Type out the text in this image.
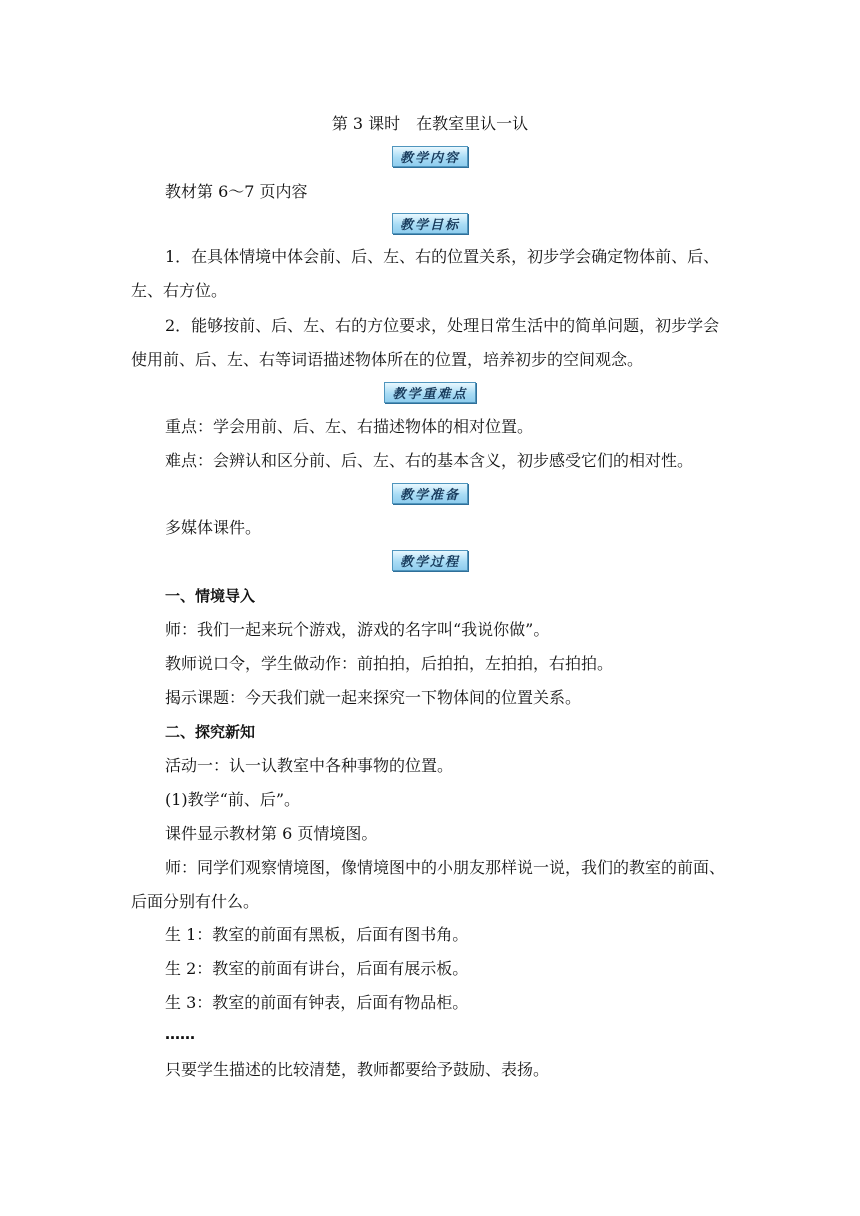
第 3 课时　在教室里认一认
教学内容
教材第 6～7 页内容
教学目标
1．在具体情境中体会前、后、左、右的位置关系，初步学会确定物体前、后、左、右方位。
2．能够按前、后、左、右的方位要求，处理日常生活中的简单问题，初步学会使用前、后、左、右等词语描述物体所在的位置，培养初步的空间观念。
教学重难点
重点：学会用前、后、左、右描述物体的相对位置。
难点：会辨认和区分前、后、左、右的基本含义，初步感受它们的相对性。
教学准备
多媒体课件。
教学过程
一、情境导入
师：我们一起来玩个游戏，游戏的名字叫“我说你做”。
教师说口令，学生做动作：前拍拍，后拍拍，左拍拍，右拍拍。
揭示课题：今天我们就一起来探究一下物体间的位置关系。
二、探究新知
活动一：认一认教室中各种事物的位置。
(1)教学“前、后”。
课件显示教材第 6 页情境图。
师：同学们观察情境图，像情境图中的小朋友那样说一说，我们的教室的前面、后面分别有什么。
生 1：教室的前面有黑板，后面有图书角。
生 2：教室的前面有讲台，后面有展示板。
生 3：教室的前面有钟表，后面有物品柜。
……
只要学生描述的比较清楚，教师都要给予鼓励、表扬。
